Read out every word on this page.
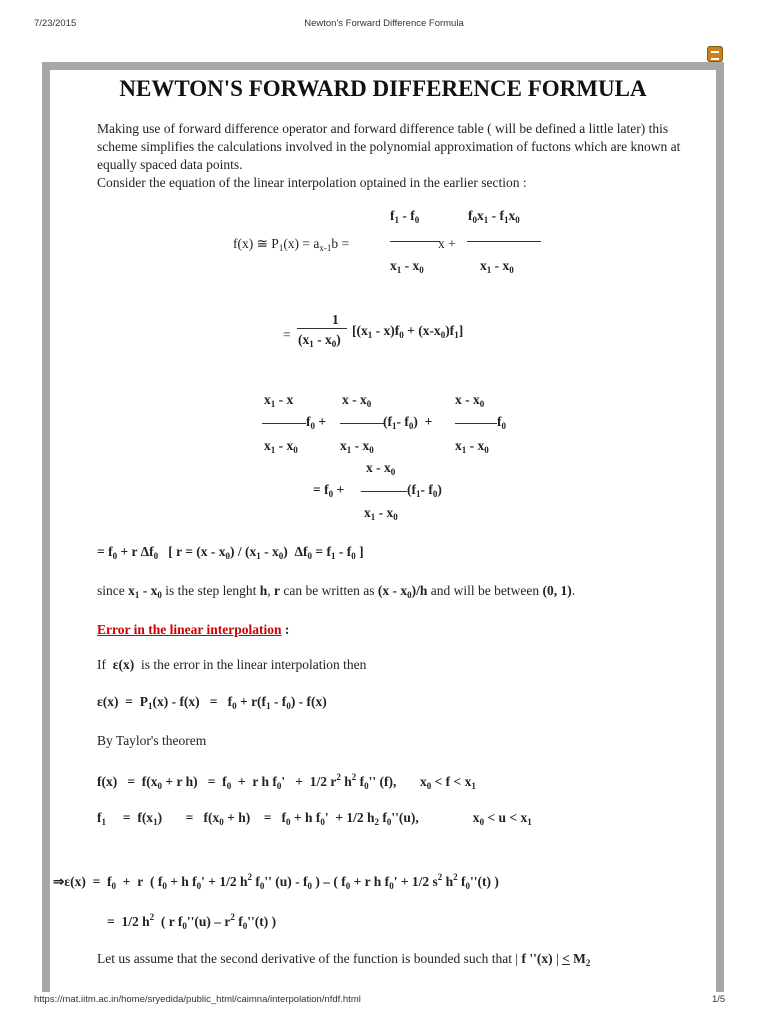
7/23/2015	Newton's Forward Difference Formula
NEWTON'S FORWARD DIFFERENCE FORMULA
Making use of forward difference operator and forward difference table ( will be defined a little later) this scheme simplifies the calculations involved in the polynomial approximation of fuctons which are known at equally spaced data points.
Consider the equation of the linear interpolation optained in the earlier section :
f(x) ≅ $P_1(x) = a_{x-1}b$ =
$f_1 - f_0$
x +
$x_1 - x_0$
$f_0x_1 - f_1x_0$
$x_1 - x_0$
1
= $(x_1 - x_0)$
$[(x_1 - x)f_0 + (x-x_0)f_1]$
$x_1$ - x	x - $x_0$	x - $x_0$
$f_0$ +	($f_1-$ $f_0$)  +	$f_0$
$x_1 - x_0$	$x_1 - x_0$	$x_1 - x_0$
x - $x_0$
= $f_0$ +	($f_1-$ $f_0$)
$x_1 - x_0$
= $f_0 + r$ $\Delta f_0$   [ $r = (x - x_0) / (x_1 - x_0)$  $\Delta f_0 = f_1 - f_0$ ]
since $x_1 - x_0$ is the step lenght h, r can be written as $(x - x_0)/h$ and will be between (0, 1).
Error in the linear interpolation :
If  ε(x) is the error in the linear interpolation then
$\varepsilon(x) = P_1(x) - f(x) = f_0 + r(f_1 - f_0) - f(x)$
By Taylor's theorem
$f(x) = f(x_0 + r$ $h) = f_0 + r$ h $f_0' + 1/2$ $r^2$ $h^2$ $f_0''$ (f),       $x_0 < f < x_1$
$f_1$     =  $f(x_1)$       =   $f(x_0 + h)$    =   $f_0 + h$ $f_0' + 1/2$ $h_2$ $f_0''(u)$,                $x_0 < u < x_1$
⇒ε(x)  =  $f_0 + r$  ( $f_0 + h$ $f_0' + 1/2$ $h^2$ $f_0''$ $(u) - f_0$ ) – ( $f_0 + r$ h $f_0' + 1/2$ $s^2$ $h^2$ $f_0''(t)$ )
=  1/2 $h^2$  ( r $f_0''(u) - r^2$ $f_0''(t)$ )
Let us assume that the second derivative of the function is bounded such that | f ''(x) | < $M_2$
https://mat.iitm.ac.in/home/sryedida/public_html/caimna/interpolation/nfdf.html	1/5
